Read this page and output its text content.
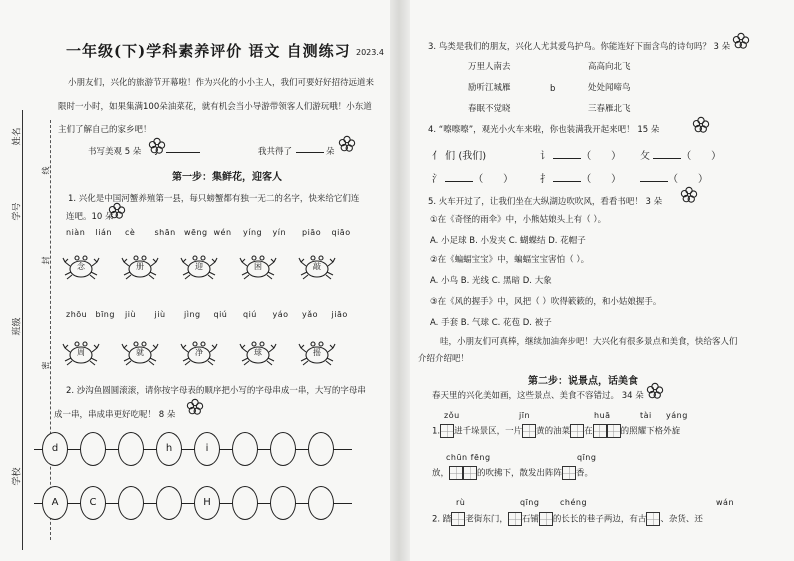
姓名
学号
班级
学校
线
封
密
一年级(下)学科素养评价 语文 自测练习 2023.4
小朋友们，兴化的旅游节开幕啦！作为兴化的小小主人，我们可要好好招待远道来
限时一小时，如果集满100朵油菜花，就有机会当小导游带领客人们游玩哦！小东道
主们了解自己的家乡吧！
书写美观 5 朵	我共得了	朵
第一步：集鲜花，迎客人
1. 兴化是中国河蟹养殖第一县，每只螃蟹都有独一无二的名字，快来给它们连
连吧。10 朵
niàn lián cè shān wēng wén yíng yín piāo qiāo
念	册	迎	困	敲
zhōu bīng jiù jiù jìng qiú qiú yáo yǎo jiāo
周	就	净	球	摇
2. 沙沟鱼圆圆滚滚，请你按字母表的顺序把小写的字母串成一串，大写的字母串
成一串，串成串更好吃呢！ 8 朵
d	h	i
A	C	H
3. 鸟类是我们的朋友，兴化人尤其爱鸟护鸟。你能连好下面含鸟的诗句吗？ 3 朵
万里人南去
励听江城雁
春眠不觉晓
b
高高向北飞
处处闻啼鸟
三春雁北飞
4. “嚓嚓嚓”，观光小火车来啦，你也装满我开起来吧！ 15 朵
亻 们 (我们)	讠	（　　） 攵	（　　）
氵	（　　）	扌	（　　）	（　　）
5. 火车开过了，让我们坐在大纵湖边吹吹风，看看书吧！ 3 朵
①在《奇怪的雨伞》中，小熊姑娘头上有（ ）。
A. 小足球 B. 小发夹 C. 蝴蝶结 D. 花帽子
②在《蝙蝠宝宝》中，蝙蝠宝宝害怕（ ）。
A. 小鸟 B. 光线 C. 黑暗 D. 大象
③在《风的握手》中，风把（ ）吹得簌簌的，和小姑娘握手。
A. 手套 B. 气球 C. 花苞 D. 被子
哇，小朋友们可真棒，继续加油奔步吧！大兴化有很多景点和美食，快给客人们
介绍介绍吧！
第二步：说景点，话美食
春天里的兴化美如画，这些景点、美食不容错过。 34 朵
zǒu	jīn	huā	tài yáng
1. 进千垛景区，一片 黄的油菜 在	的照耀下格外旋
chūn fēng	qīng
放，	的吹拂下，散发出阵阵 香。
rù	qīng	chéng	wán
2. 踏 老街东门， 石铺 的长长的巷子两边，有古 、杂货、还
